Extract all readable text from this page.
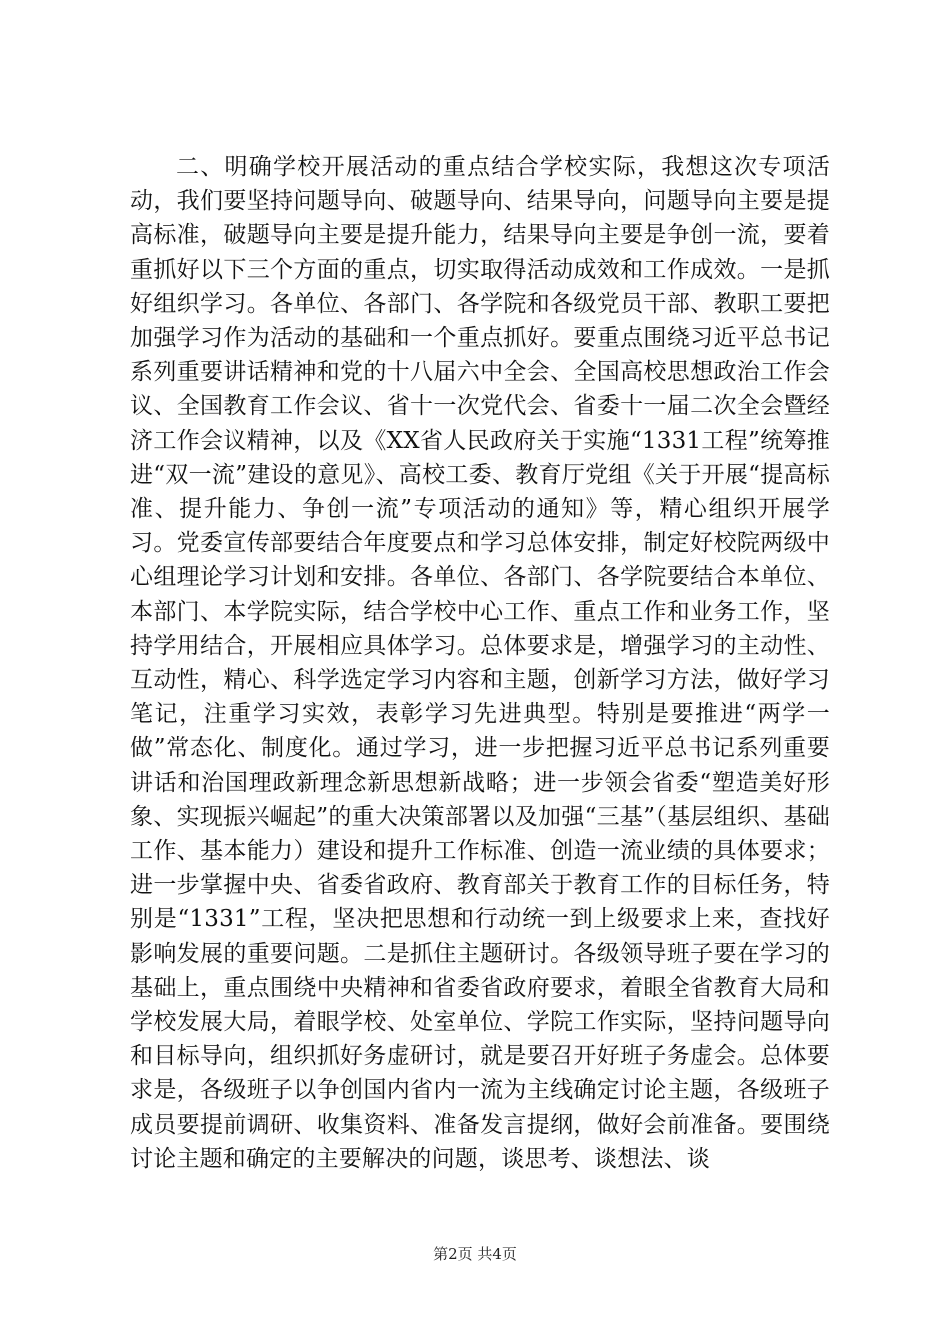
二、明确学校开展活动的重点结合学校实际，我想这次专项活动，我们要坚持问题导向、破题导向、结果导向，问题导向主要是提高标准，破题导向主要是提升能力，结果导向主要是争创一流，要着重抓好以下三个方面的重点，切实取得活动成效和工作成效。一是抓好组织学习。各单位、各部门、各学院和各级党员干部、教职工要把加强学习作为活动的基础和一个重点抓好。要重点围绕习近平总书记系列重要讲话精神和党的十八届六中全会、全国高校思想政治工作会议、全国教育工作会议、省十一次党代会、省委十一届二次全会暨经济工作会议精神，以及《XX省人民政府关于实施“1331工程”统筹推进“双一流”建设的意见》、高校工委、教育厅党组《关于开展“提高标准、提升能力、争创一流”专项活动的通知》等，精心组织开展学习。党委宣传部要结合年度要点和学习总体安排，制定好校院两级中心组理论学习计划和安排。各单位、各部门、各学院要结合本单位、本部门、本学院实际，结合学校中心工作、重点工作和业务工作，坚持学用结合，开展相应具体学习。总体要求是，增强学习的主动性、互动性，精心、科学选定学习内容和主题，创新学习方法，做好学习笔记，注重学习实效，表彰学习先进典型。特别是要推进“两学一做”常态化、制度化。通过学习，进一步把握习近平总书记系列重要讲话和治国理政新理念新思想新战略；进一步领会省委“塑造美好形象、实现振兴崛起”的重大决策部署以及加强“三基”（基层组织、基础工作、基本能力）建设和提升工作标准、创造一流业绩的具体要求；进一步掌握中央、省委省政府、教育部关于教育工作的目标任务，特别是“1331”工程，坚决把思想和行动统一到上级要求上来，查找好影响发展的重要问题。二是抓住主题研讨。各级领导班子要在学习的基础上，重点围绕中央精神和省委省政府要求，着眼全省教育大局和学校发展大局，着眼学校、处室单位、学院工作实际，坚持问题导向和目标导向，组织抓好务虚研讨，就是要召开好班子务虚会。总体要求是，各级班子以争创国内省内一流为主线确定讨论主题，各级班子成员要提前调研、收集资料、准备发言提纲，做好会前准备。要围绕讨论主题和确定的主要解决的问题，谈思考、谈想法、谈

第2页 共4页
